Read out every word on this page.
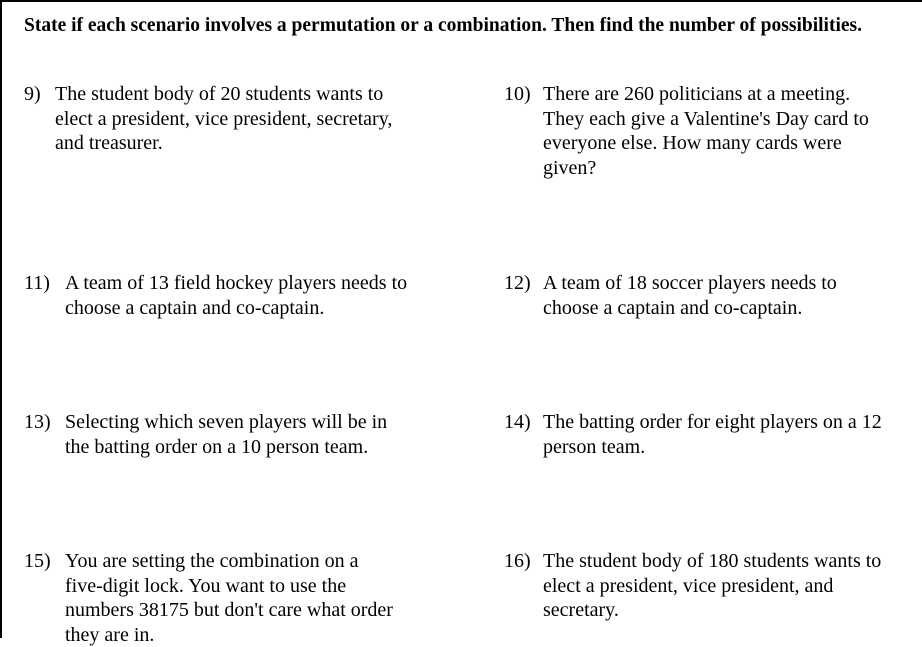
State if each scenario involves a permutation or a combination. Then find the number of possibilities.
9) The student body of 20 students wants to
elect a president, vice president, secretary,
and treasurer.
10) There are 260 politicians at a meeting.
They each give a Valentine's Day card to
everyone else. How many cards were
given?
11) A team of 13 field hockey players needs to
choose a captain and co-captain.
12) A team of 18 soccer players needs to
choose a captain and co-captain.
13) Selecting which seven players will be in
the batting order on a 10 person team.
14) The batting order for eight players on a 12
person team.
15) You are setting the combination on a
five-digit lock. You want to use the
numbers 38175 but don't care what order
they are in.
16) The student body of 180 students wants to
elect a president, vice president, and
secretary.
